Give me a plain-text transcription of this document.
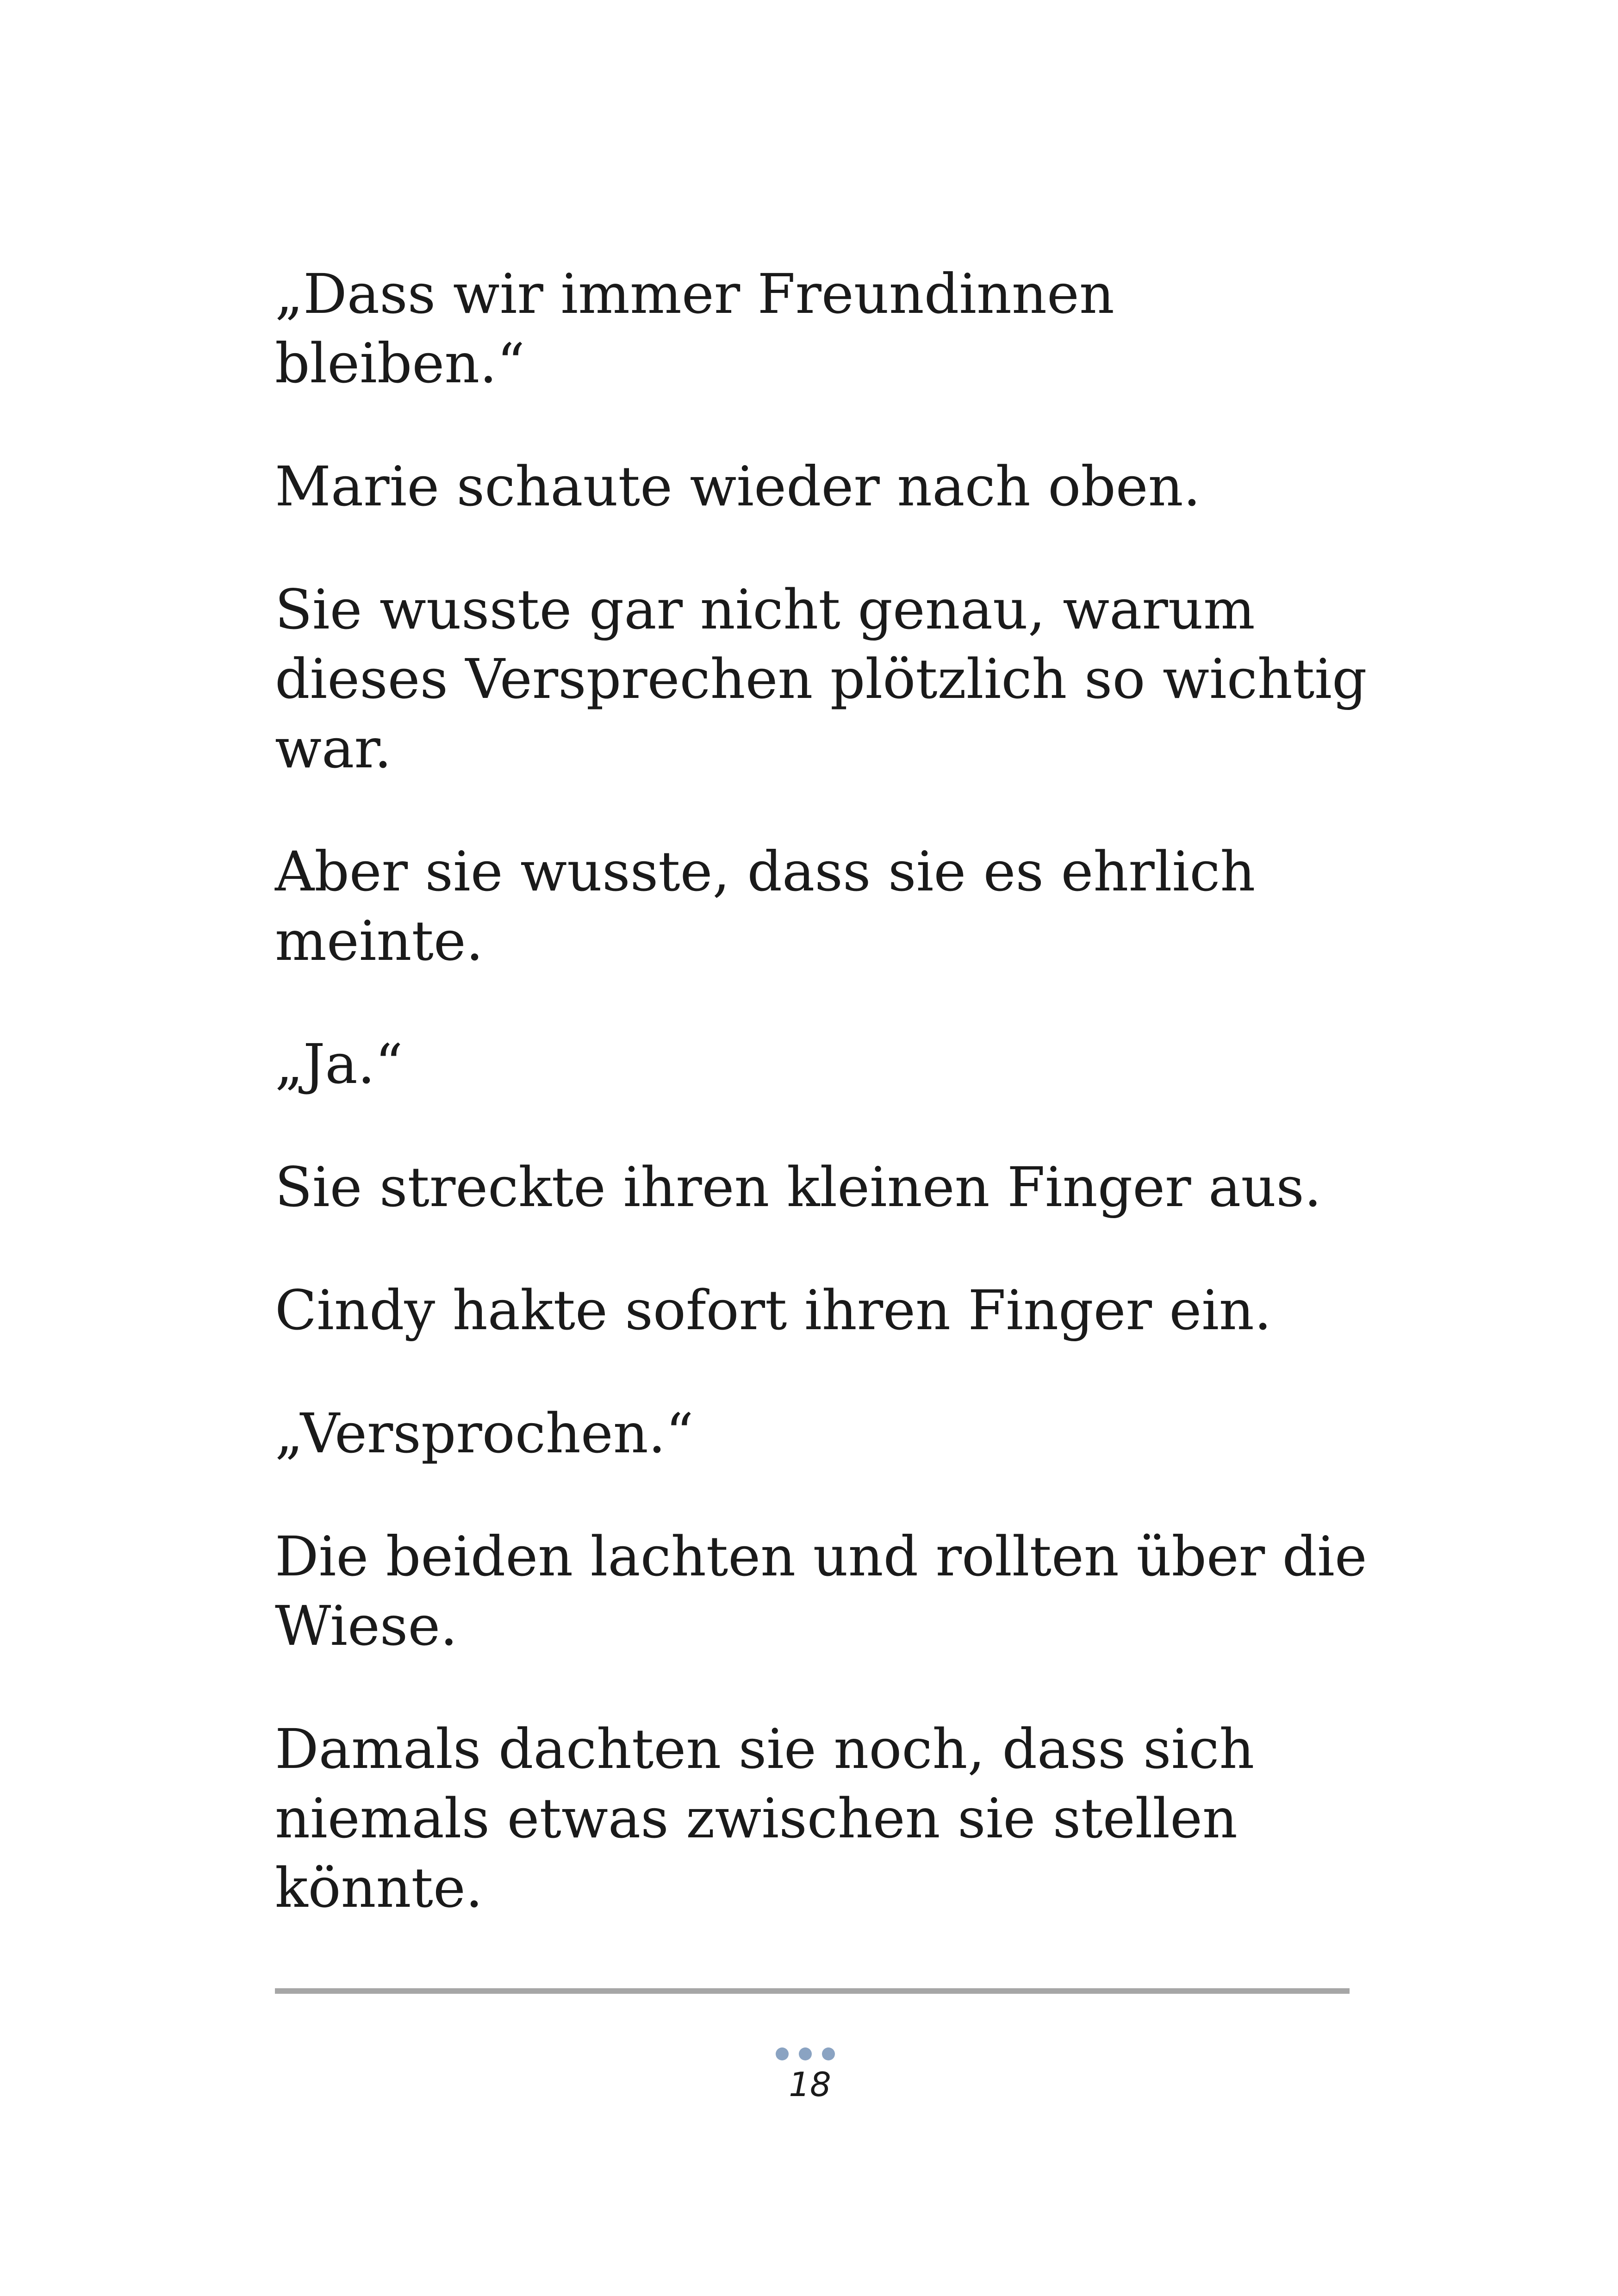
„Dass wir immer Freundinnen bleiben.“

Marie schaute wieder nach oben.

Sie wusste gar nicht genau, warum
dieses Versprechen plötzlich so wichtig
war.

Aber sie wusste, dass sie es ehrlich
meinte.

„Ja.“

Sie streckte ihren kleinen Finger aus.

Cindy hakte sofort ihren Finger ein.

„Versprochen.“

Die beiden lachten und rollten über die
Wiese.

Damals dachten sie noch, dass sich
niemals etwas zwischen sie stellen
könnte.

18
